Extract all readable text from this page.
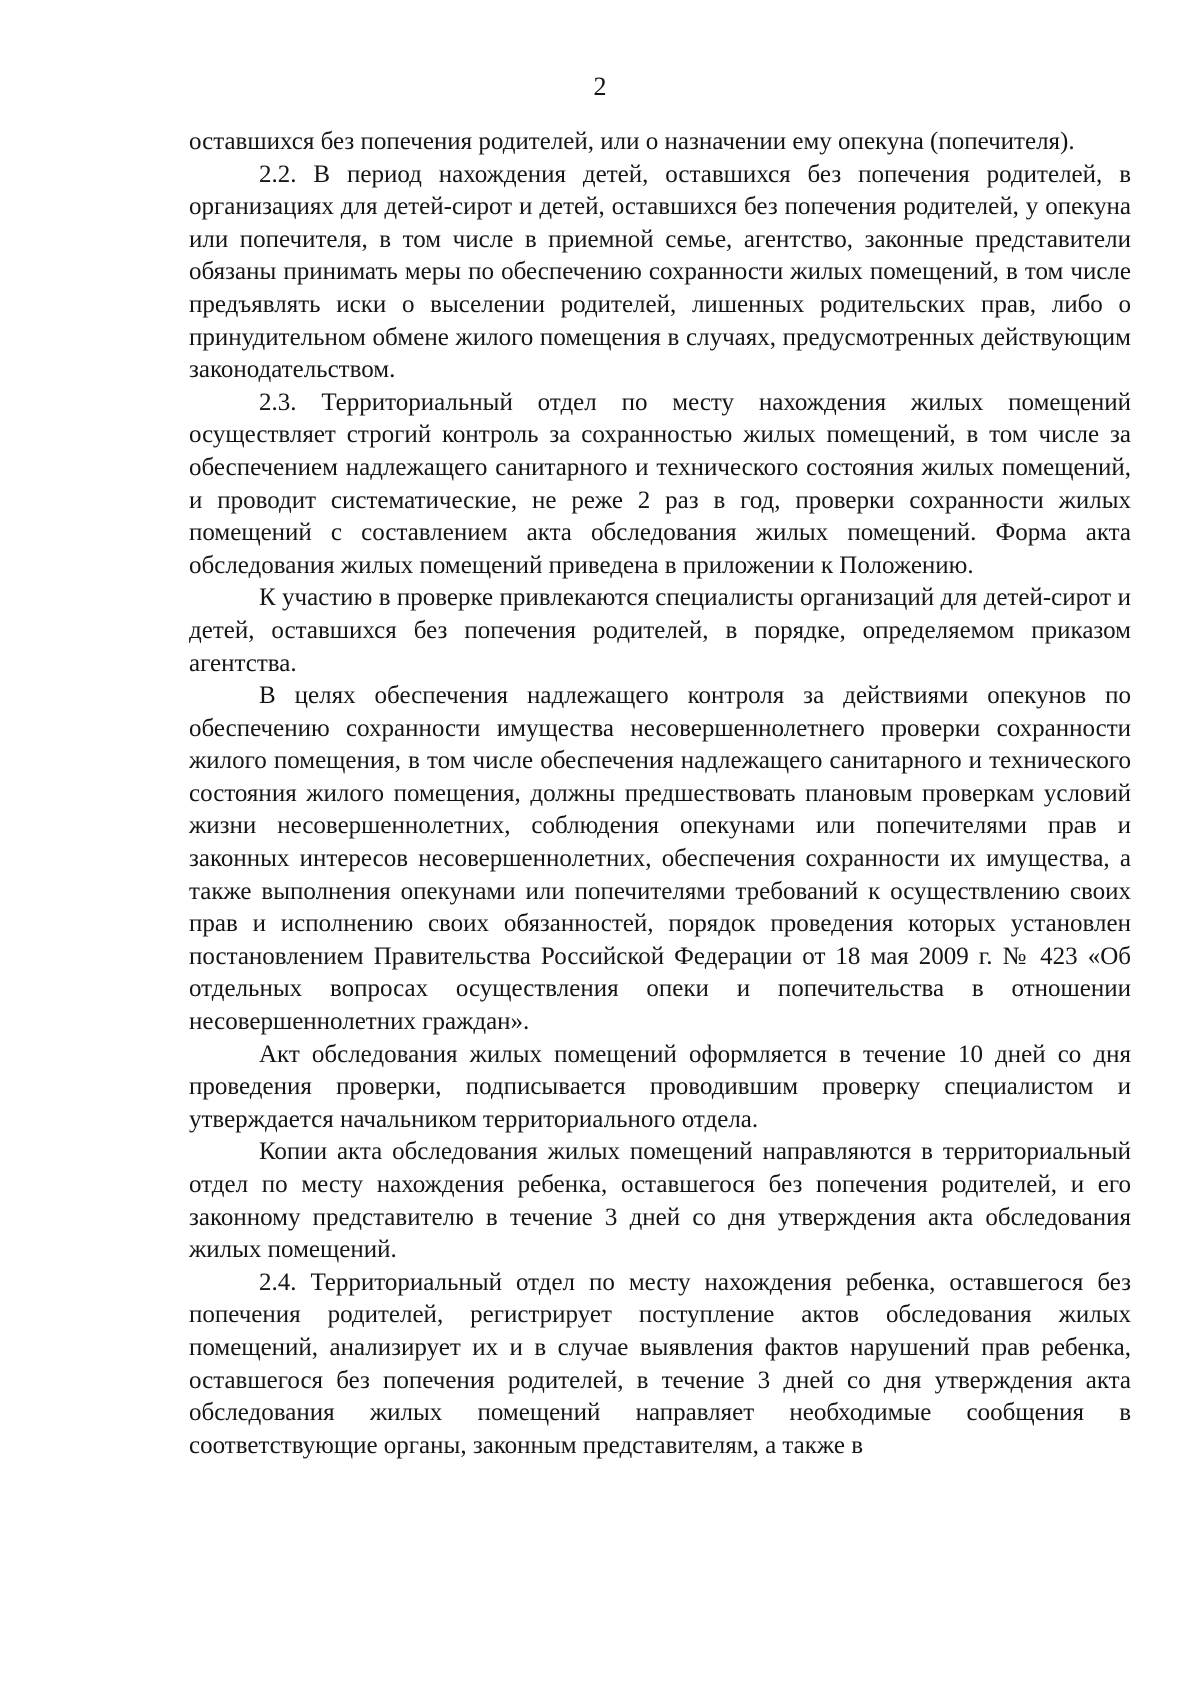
2

оставшихся без попечения родителей, или о назначении ему опекуна (попечителя).

2.2. В период нахождения детей, оставшихся без попечения родителей, в организациях для детей-сирот и детей, оставшихся без попечения родителей, у опекуна или попечителя, в том числе в приемной семье, агентство, законные представители обязаны принимать меры по обеспечению сохранности жилых помещений, в том числе предъявлять иски о выселении родителей, лишенных родительских прав, либо о принудительном обмене жилого помещения в случаях, предусмотренных действующим законодательством.

2.3. Территориальный отдел по месту нахождения жилых помещений осуществляет строгий контроль за сохранностью жилых помещений, в том числе за обеспечением надлежащего санитарного и технического состояния жилых помещений, и проводит систематические, не реже 2 раз в год, проверки сохранности жилых помещений с составлением акта обследования жилых помещений. Форма акта обследования жилых помещений приведена в приложении к Положению.

К участию в проверке привлекаются специалисты организаций для детей-сирот и детей, оставшихся без попечения родителей, в порядке, определяемом приказом агентства.

В целях обеспечения надлежащего контроля за действиями опекунов по обеспечению сохранности имущества несовершеннолетнего проверки сохранности жилого помещения, в том числе обеспечения надлежащего санитарного и технического состояния жилого помещения, должны предшествовать плановым проверкам условий жизни несовершеннолетних, соблюдения опекунами или попечителями прав и законных интересов несовершеннолетних, обеспечения сохранности их имущества, а также выполнения опекунами или попечителями требований к осуществлению своих прав и исполнению своих обязанностей, порядок проведения которых установлен постановлением Правительства Российской Федерации от 18 мая 2009 г. № 423 «Об отдельных вопросах осуществления опеки и попечительства в отношении несовершеннолетних граждан».

Акт обследования жилых помещений оформляется в течение 10 дней со дня проведения проверки, подписывается проводившим проверку специалистом и утверждается начальником территориального отдела.

Копии акта обследования жилых помещений направляются в территориальный отдел по месту нахождения ребенка, оставшегося без попечения родителей, и его законному представителю в течение 3 дней со дня утверждения акта обследования жилых помещений.

2.4. Территориальный отдел по месту нахождения ребенка, оставшегося без попечения родителей, регистрирует поступление актов обследования жилых помещений, анализирует их и в случае выявления фактов нарушений прав ребенка, оставшегося без попечения родителей, в течение 3 дней со дня утверждения акта обследования жилых помещений направляет необходимые сообщения в соответствующие органы, законным представителям, а также в
